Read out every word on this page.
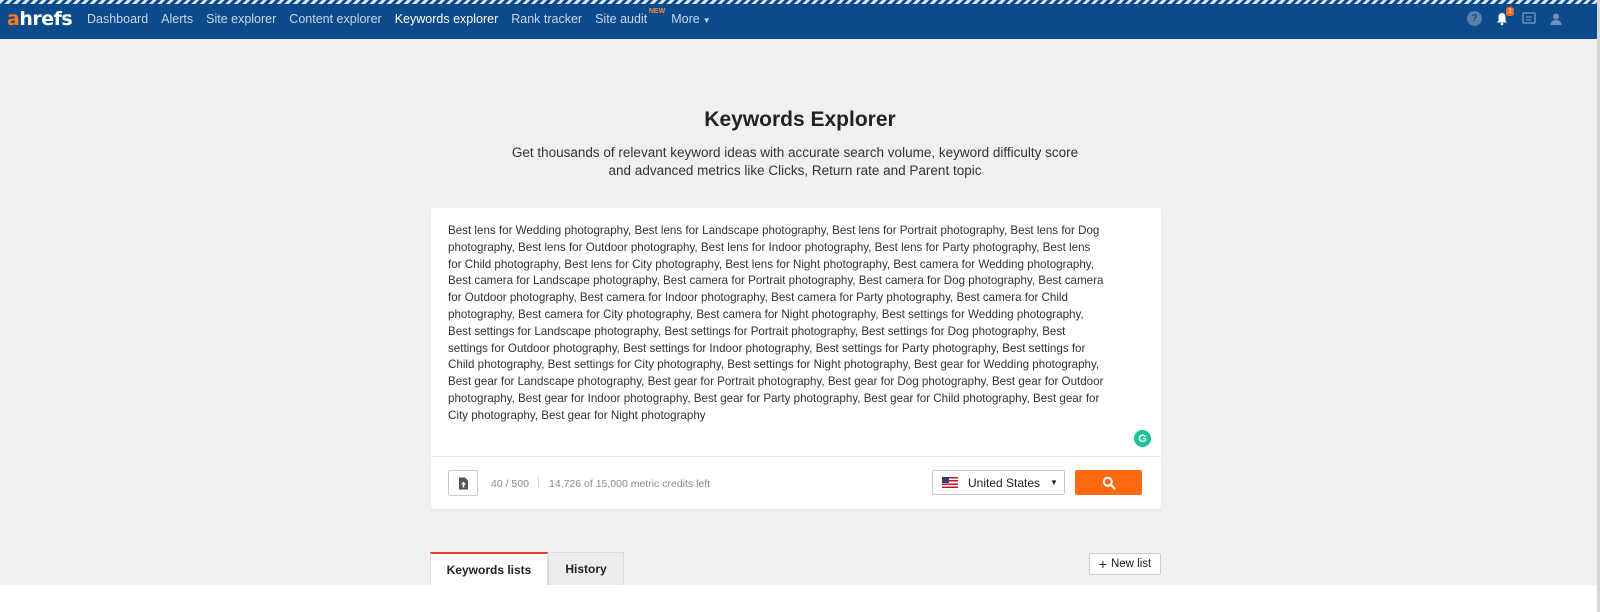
ahrefs Dashboard Alerts Site explorer Content explorer Keywords explorer Rank tracker Site audit
NEW
More ▼	?
1
Keywords Explorer
Get thousands of relevant keyword ideas with accurate search volume, keyword difficulty score
and advanced metrics like Clicks, Return rate and Parent topic
Best lens for Wedding photography, Best lens for Landscape photography, Best lens for Portrait photography, Best lens for Dog photography, Best lens for Outdoor photography, Best lens for Indoor photography, Best lens for Party photography, Best lens for Child photography, Best lens for City photography, Best lens for Night photography, Best camera for Wedding photography, Best camera for Landscape photography, Best camera for Portrait photography, Best camera for Dog photography, Best camera for Outdoor photography, Best camera for Indoor photography, Best camera for Party photography, Best camera for Child photography, Best camera for City photography, Best camera for Night photography, Best settings for Wedding photography, Best settings for Landscape photography, Best settings for Portrait photography, Best settings for Dog photography, Best settings for Outdoor photography, Best settings for Indoor photography, Best settings for Party photography, Best settings for Child photography, Best settings for City photography, Best settings for Night photography, Best gear for Wedding photography, Best gear for Landscape photography, Best gear for Portrait photography, Best gear for Dog photography, Best gear for Outdoor photography, Best gear for Indoor photography, Best gear for Party photography, Best gear for Child photography, Best gear for City photography, Best gear for Night photography
G
40 / 500 14,726 of 15,000 metric credits left	United States ▼
Keywords lists	History	+ New list
